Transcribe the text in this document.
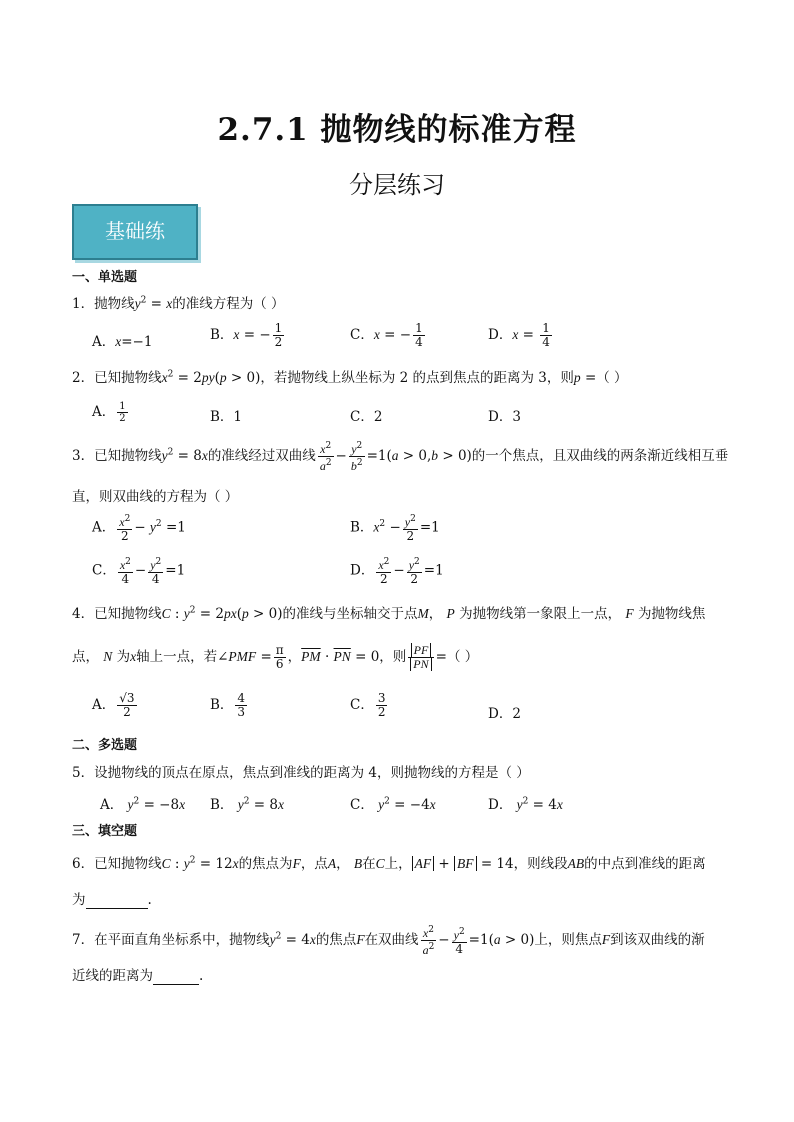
2.7.1 抛物线的标准方程
分层练习
基础练
一、单选题
1．抛物线$y^2 = x$的准线方程为（ ）
A．x=−1	B．x = − $\frac{1}{2}$	C．x = − $\frac{1}{4}$	D．$x = \frac{1}{4}$
2．已知抛物线$x^2 = 2py(p > 0)$，若抛物线上纵坐标为 2 的点到焦点的距离为 3，则p =（ ）
A． $\frac{1}{2}$	B．1	C．2	D．3
3．已知抛物线$y^2 = 8x$的准线经过双曲线 $\frac{x^2}{a^2} - \frac{y^2}{b^2} =1(a > 0,b > 0)$的一个焦点，且双曲线的两条渐近线相互垂
直，则双曲线的方程为（ ）
A． $\frac{x^2}{2} - y^2 =1$	B．$x^2 - \frac{y^2}{2} =1$
C． $\frac{x^2}{4} - \frac{y^2}{4} =1$	D． $\frac{x^2}{2} - \frac{y^2}{2} =1$
4．已知抛物线C : $y^2 = 2px(p > 0)$的准线与坐标轴交于点M， P 为抛物线第一象限上一点， F 为抛物线焦
点， N 为x轴上一点，若∠PMF = $\frac{\pi}{6}$ ，$\overline{PM} \cdot \overline{PN} = 0$，则 $\frac{PF}{PN}$ =（ ）
A． $\frac{√3}{2}$	B． $\frac{4}{3}$	C． $\frac{3}{2}$	D．2
二、多选题
5．设抛物线的顶点在原点，焦点到准线的距离为 4，则抛物线的方程是（ ）
A． $y^2 = -8x$ B． $y^2 = 8x$	C． $y^2 = -4x$	D． $y^2 = 4x$
三、填空题
6．已知抛物线C : $y^2 = 12x$的焦点为F，点A， B在C上， AF + BF = 14，则线段AB的中点到准线的距离
为	.
7．在平面直角坐标系中，抛物线$y^2 = 4x$的焦点F在双曲线 $\frac{x^2}{a^2} - \frac{y^2}{4} =1(a > 0)$上，则焦点F到该双曲线的渐
近线的距离为	.
